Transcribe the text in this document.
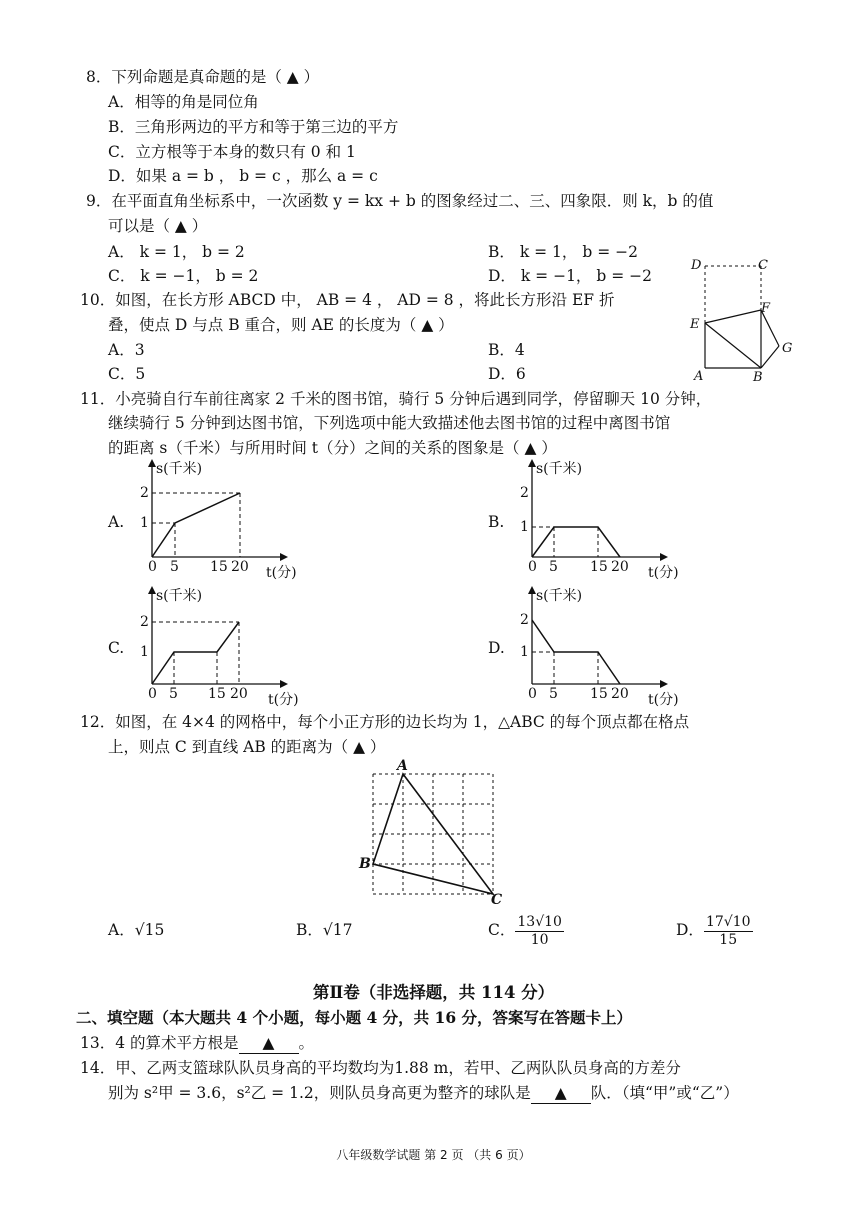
8．下列命题是真命题的是（ ▲ ）
A．相等的角是同位角
B．三角形两边的平方和等于第三边的平方
C．立方根等于本身的数只有 0 和 1
D．如果 a = b ， b = c ，那么 a = c
9．在平面直角坐标系中，一次函数 y = kx + b 的图象经过二、三、四象限．则 k，b 的值
可以是（ ▲ ）
A． k = 1， b = 2	B． k = 1， b = −2
C． k = −1， b = 2	D． k = −1， b = −2
10．如图，在长方形 ABCD 中， AB = 4 ， AD = 8 ，将此长方形沿 EF 折
叠，使点 D 与点 B 重合，则 AE 的长度为（ ▲ ）
A．3	B．4
C．5	D．6
D	C
E
F
G
A	B
11．小亮骑自行车前往离家 2 千米的图书馆，骑行 5 分钟后遇到同学，停留聊天 10 分钟，
继续骑行 5 分钟到达图书馆，下列选项中能大致描述他去图书馆的过程中离图书馆
的距离 s（千米）与所用时间 t（分）之间的关系的图象是（ ▲ ）
A.
s(千米)
t(分)
2
1
0 5 15 20
B.
s(千米)
t(分)
2
1
0 5 15 20
C.
s(千米)
t(分)
2
1
0 5 15 20
D.
s(千米)
t(分)
2
1
0 5 15 20
12．如图，在 4×4 的网格中，每个小正方形的边长均为 1，△ABC 的每个顶点都在格点
上，则点 C 到直线 AB 的距离为（ ▲ ）
A
B
C
A．√15	B．√17	C． $\frac{13√10}{10}$	D． $\frac{17√10}{15}$
第Ⅱ卷（非选择题，共 114 分）
二、填空题（本大题共 4 个小题，每小题 4 分，共 16 分，答案写在答题卡上）
13．4 的算术平方根是 ▲ 。
14．甲、乙两支篮球队队员身高的平均数均为1.88 m，若甲、乙两队队员身高的方差分
别为 s²甲 = 3.6，s²乙 = 1.2，则队员身高更为整齐的球队是 ▲ 队．（填“甲”或“乙”）
八年级数学试题 第 2 页 （共 6 页）
